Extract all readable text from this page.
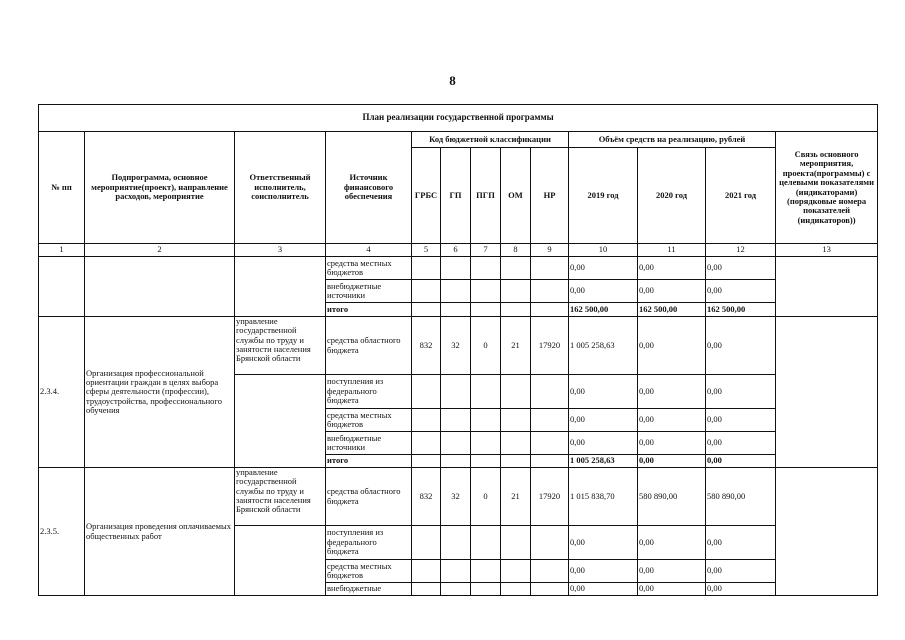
8
План реализации государственной программы												
№ пп	Подпрограмма, основное мероприятие(проект), направление расходов, мероприятие	Ответственный исполнитель, соисполнитель	Источник финансового обеспечения	Код бюджетной классификации					Объём средств на реализацию, рублей			Связь основного мероприятия, проекта(программы) с целевыми показателями (индикаторами) (порядковые номера показателей (индикаторов))
				ГРБС	ГП	ПГП	ОМ	НР	2019 год	2020 год	2021 год	
1	2	3	4	5	6	7	8	9	10	11	12	13
			средства местных бюджетов						0,00	0,00	0,00	
			внебюджетные источники						0,00	0,00	0,00	
			итого						162 500,00	162 500,00	162 500,00	
2.3.4.	Организация профессиональной ориентации граждан в целях выбора сферы деятельности (профессии), трудоустройства, профессионального обучения	управление государственной службы по труду и занятости населения Брянской области	средства областного бюджета	832	32	0	21	17920	1 005 258,63	0,00	0,00	
			поступления из федерального бюджета						0,00	0,00	0,00	
			средства местных бюджетов						0,00	0,00	0,00	
			внебюджетные источники						0,00	0,00	0,00	
			итого						1 005 258,63	0,00	0,00	
2.3.5.	Организация проведения оплачиваемых общественных работ	управление государственной службы по труду и занятости населения Брянской области	средства областного бюджета	832	32	0	21	17920	1 015 838,70	580 890,00	580 890,00	
			поступления из федерального бюджета						0,00	0,00	0,00	
			средства местных бюджетов						0,00	0,00	0,00	
			внебюджетные						0,00	0,00	0,00	
